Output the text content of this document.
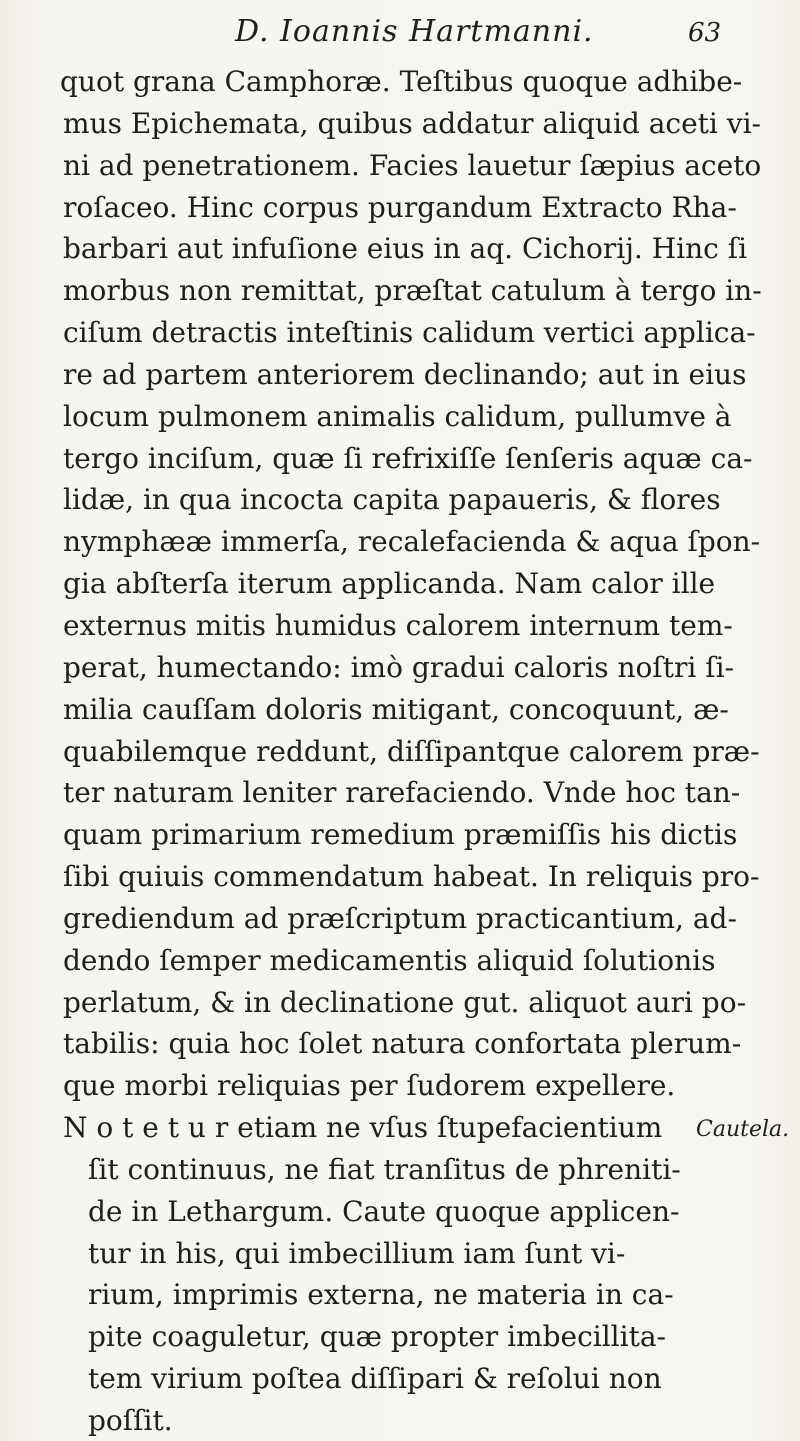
D. Ioannis Hartmanni.	63
quot grana Camphoræ. Teſtibus quoque adhibe-
mus Epichemata, quibus addatur aliquid aceti vi-
ni ad penetrationem. Facies lauetur ſæpius aceto
roſaceo. Hinc corpus purgandum Extracto Rha-
barbari aut infuſione eius in aq. Cichorij. Hinc ſi
morbus non remittat, præſtat catulum à tergo in-
ciſum detractis inteſtinis calidum vertici applica-
re ad partem anteriorem declinando; aut in eius
locum pulmonem animalis calidum, pullumve à
tergo inciſum, quæ ſi refrixiſſe ſenſeris aquæ ca-
lidæ, in qua incocta capita papaueris, & flores
nymphææ immerſa, recalefacienda & aqua ſpon-
gia abſterſa iterum applicanda. Nam calor ille
externus mitis humidus calorem internum tem-
perat, humectando: imò gradui caloris noſtri ſi-
milia cauſſam doloris mitigant, concoquunt, æ-
quabilemque reddunt, diſſipantque calorem præ-
ter naturam leniter rarefaciendo. Vnde hoc tan-
quam primarium remedium præmiſſis his dictis
ſibi quiuis commendatum habeat. In reliquis pro-
grediendum ad præſcriptum practicantium, ad-
dendo ſemper medicamentis aliquid ſolutionis
perlatum, & in declinatione gut. aliquot auri po-
tabilis: quia hoc ſolet natura confortata plerum-
que morbi reliquias per ſudorem expellere.
N o t e t u r etiam ne vſus ſtupefacientium Cautela.
ſit continuus, ne fiat tranſitus de phreniti-
de in Lethargum. Caute quoque applicen-
tur in his, qui imbecillium iam ſunt vi-
rium, imprimis externa, ne materia in ca-
pite coaguletur, quæ propter imbecillita-
tem virium poſtea diſſipari & reſolui non
poſſit.
